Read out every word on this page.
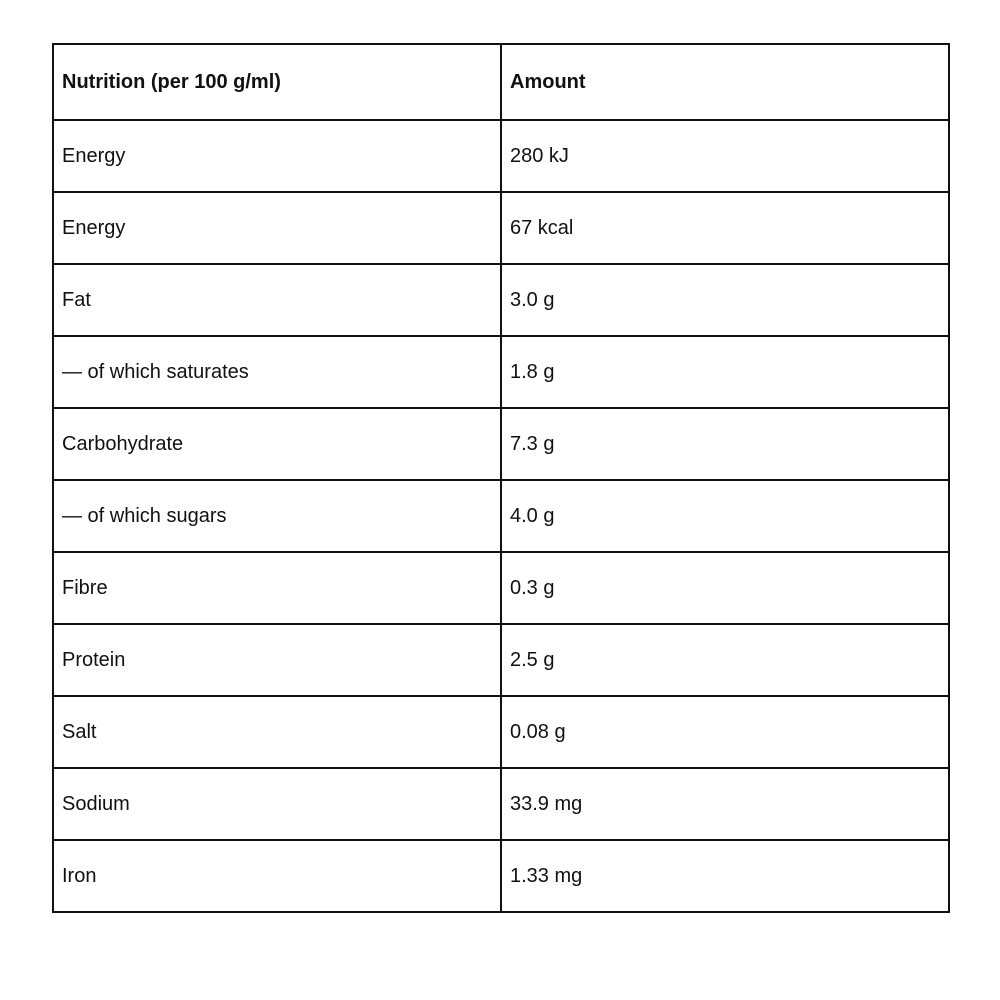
Nutrition (per 100 g/ml)	Amount
Energy	280 kJ
Energy	67 kcal
Fat	3.0 g
— of which saturates	1.8 g
Carbohydrate	7.3 g
— of which sugars	4.0 g
Fibre	0.3 g
Protein	2.5 g
Salt	0.08 g
Sodium	33.9 mg
Iron	1.33 mg
